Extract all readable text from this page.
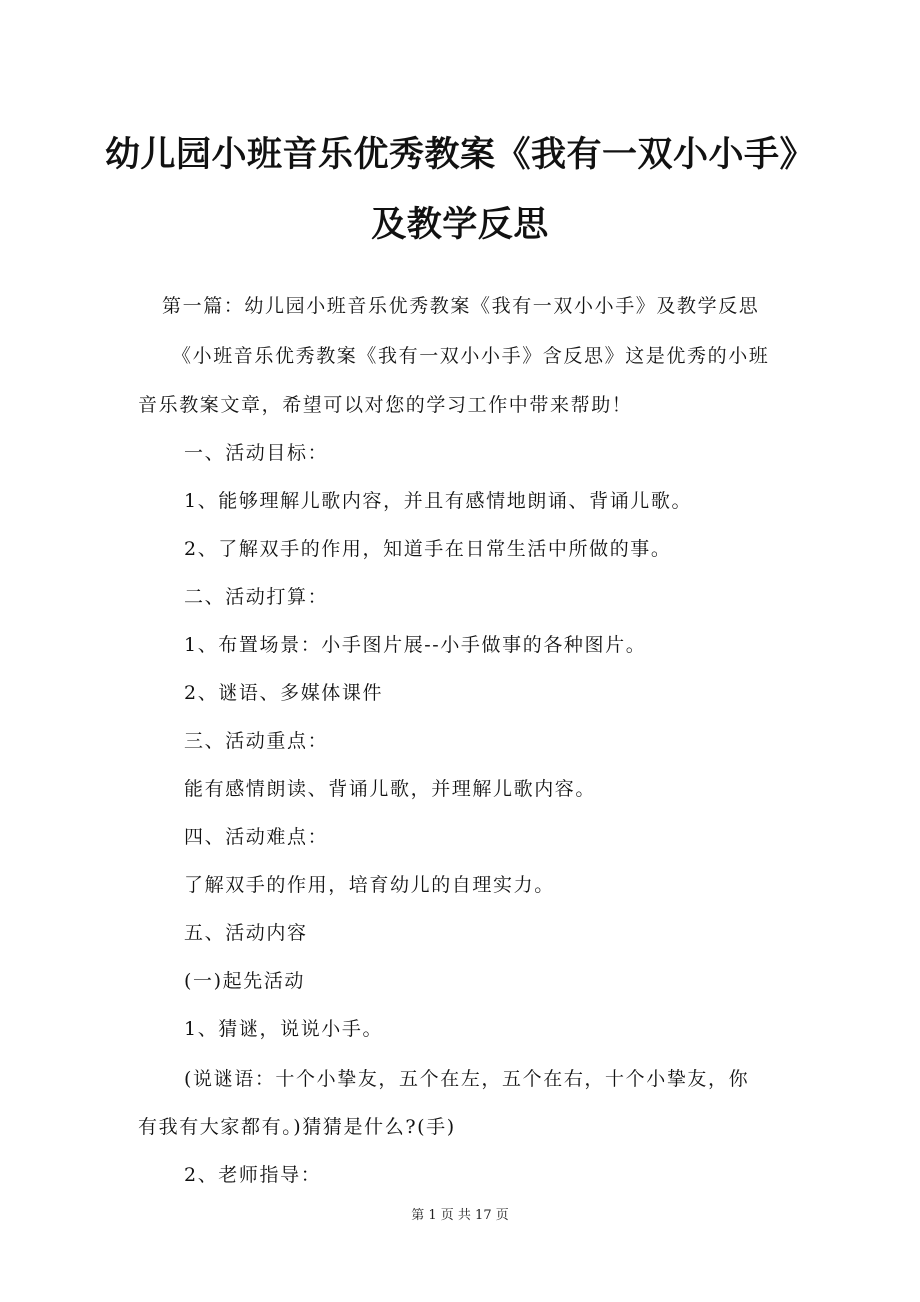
幼儿园小班音乐优秀教案《我有一双小小手》
及教学反思

第一篇：幼儿园小班音乐优秀教案《我有一双小小手》及教学反思

《小班音乐优秀教案《我有一双小小手》含反思》这是优秀的小班

音乐教案文章，希望可以对您的学习工作中带来帮助！

一、活动目标：

1、能够理解儿歌内容，并且有感情地朗诵、背诵儿歌。

2、了解双手的作用，知道手在日常生活中所做的事。

二、活动打算：

1、布置场景：小手图片展--小手做事的各种图片。

2、谜语、多媒体课件

三、活动重点：

能有感情朗读、背诵儿歌，并理解儿歌内容。

四、活动难点：

了解双手的作用，培育幼儿的自理实力。

五、活动内容

(一)起先活动

1、猜谜，说说小手。

(说谜语：十个小挚友，五个在左，五个在右，十个小挚友，你

有我有大家都有。)猜猜是什么?(手)

2、老师指导：

第 1 页 共 17 页
